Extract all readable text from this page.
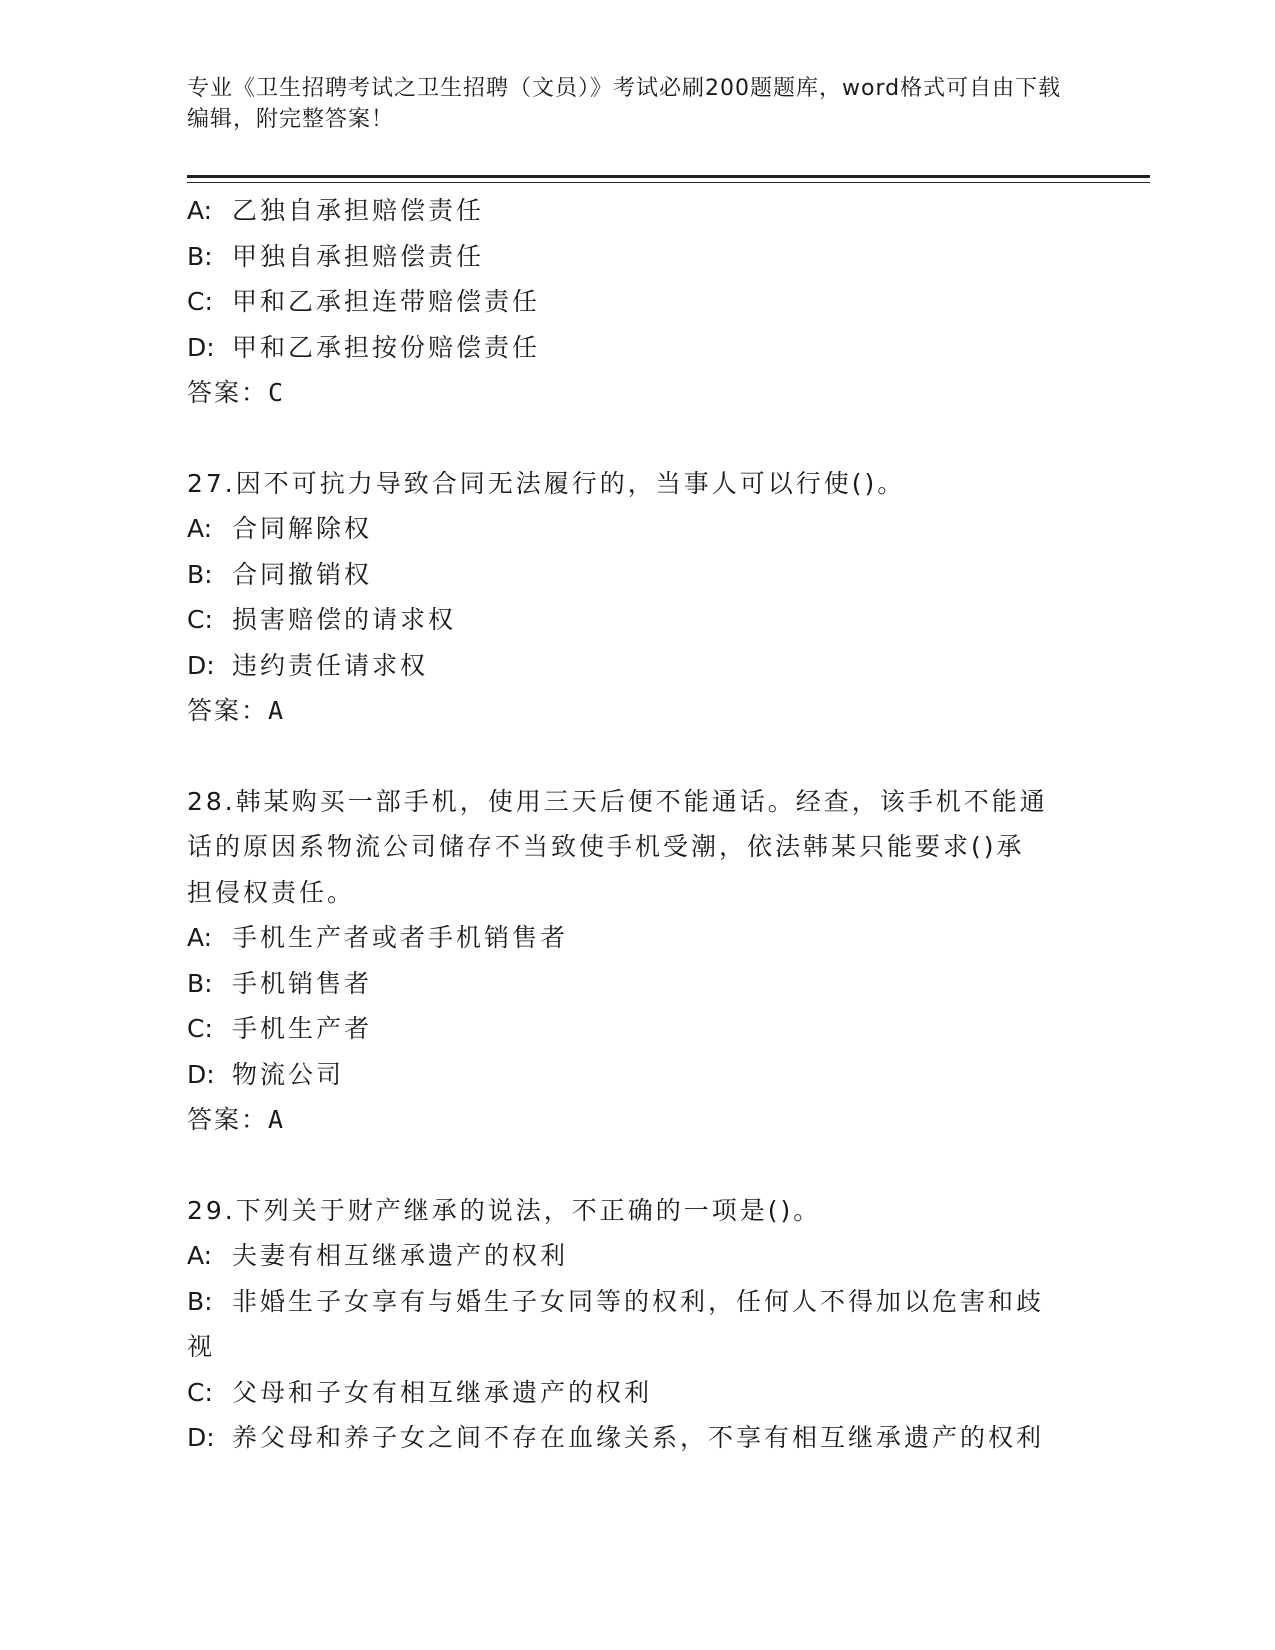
专业《卫生招聘考试之卫生招聘（文员）》考试必刷200题题库，word格式可自由下载编辑，附完整答案！
A: 乙独自承担赔偿责任
B: 甲独自承担赔偿责任
C: 甲和乙承担连带赔偿责任
D: 甲和乙承担按份赔偿责任
答案：C
27.因不可抗力导致合同无法履行的，当事人可以行使()。
A: 合同解除权
B: 合同撤销权
C: 损害赔偿的请求权
D: 违约责任请求权
答案：A
28.韩某购买一部手机，使用三天后便不能通话。经查，该手机不能通
话的原因系物流公司储存不当致使手机受潮，依法韩某只能要求()承
担侵权责任。
A: 手机生产者或者手机销售者
B: 手机销售者
C: 手机生产者
D: 物流公司
答案：A
29.下列关于财产继承的说法，不正确的一项是()。
A: 夫妻有相互继承遗产的权利
B: 非婚生子女享有与婚生子女同等的权利，任何人不得加以危害和歧
视
C: 父母和子女有相互继承遗产的权利
D: 养父母和养子女之间不存在血缘关系，不享有相互继承遗产的权利
